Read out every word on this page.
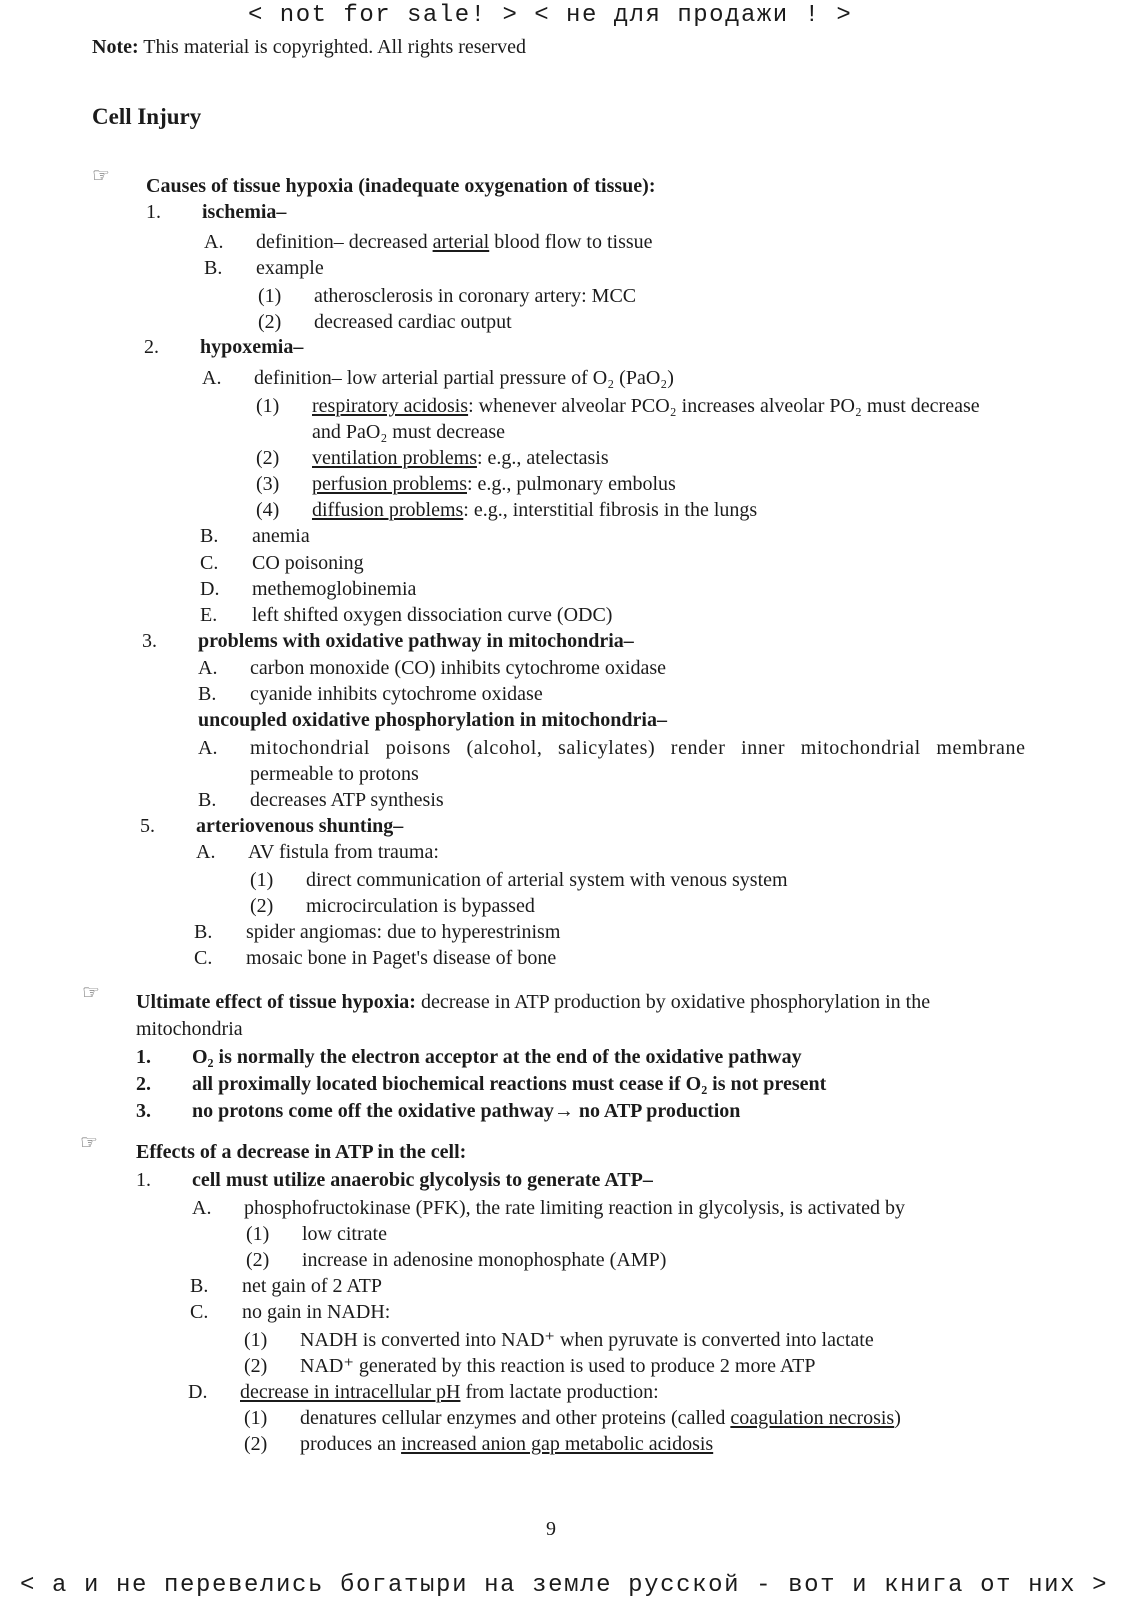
< not for sale! > < не для продажи ! >
Note: This material is copyrighted. All rights reserved
Cell Injury
☞ Causes of tissue hypoxia (inadequate oxygenation of tissue):
1. ischemia–
A. definition– decreased arterial blood flow to tissue
B. example
(1) atherosclerosis in coronary artery: MCC
(2) decreased cardiac output
2. hypoxemia–
A. definition– low arterial partial pressure of O₂ (PaO₂)
(1) respiratory acidosis: whenever alveolar PCO₂ increases alveolar PO₂ must decrease
and PaO₂ must decrease
(2) ventilation problems: e.g., atelectasis
(3) perfusion problems: e.g., pulmonary embolus
(4) diffusion problems: e.g., interstitial fibrosis in the lungs
B. anemia
C. CO poisoning
D. methemoglobinemia
E. left shifted oxygen dissociation curve (ODC)
3. problems with oxidative pathway in mitochondria–
A. carbon monoxide (CO) inhibits cytochrome oxidase
B. cyanide inhibits cytochrome oxidase
uncoupled oxidative phosphorylation in mitochondria–
A. mitochondrial poisons (alcohol, salicylates) render inner mitochondrial membrane
permeable to protons
B. decreases ATP synthesis
5. arteriovenous shunting–
A. AV fistula from trauma:
(1) direct communication of arterial system with venous system
(2) microcirculation is bypassed
B. spider angiomas: due to hyperestrinism
C. mosaic bone in Paget's disease of bone
☞ Ultimate effect of tissue hypoxia: decrease in ATP production by oxidative phosphorylation in the
mitochondria
1. O₂ is normally the electron acceptor at the end of the oxidative pathway
2. all proximally located biochemical reactions must cease if O₂ is not present
3. no protons come off the oxidative pathway→ no ATP production
☞ Effects of a decrease in ATP in the cell:
1. cell must utilize anaerobic glycolysis to generate ATP–
A. phosphofructokinase (PFK), the rate limiting reaction in glycolysis, is activated by
(1) low citrate
(2) increase in adenosine monophosphate (AMP)
B. net gain of 2 ATP
C. no gain in NADH:
(1) NADH is converted into NAD⁺ when pyruvate is converted into lactate
(2) NAD⁺ generated by this reaction is used to produce 2 more ATP
D. decrease in intracellular pH from lactate production:
(1) denatures cellular enzymes and other proteins (called coagulation necrosis)
(2) produces an increased anion gap metabolic acidosis
9
< а и не перевелись богатыри на земле русской - вот и книга от них >
